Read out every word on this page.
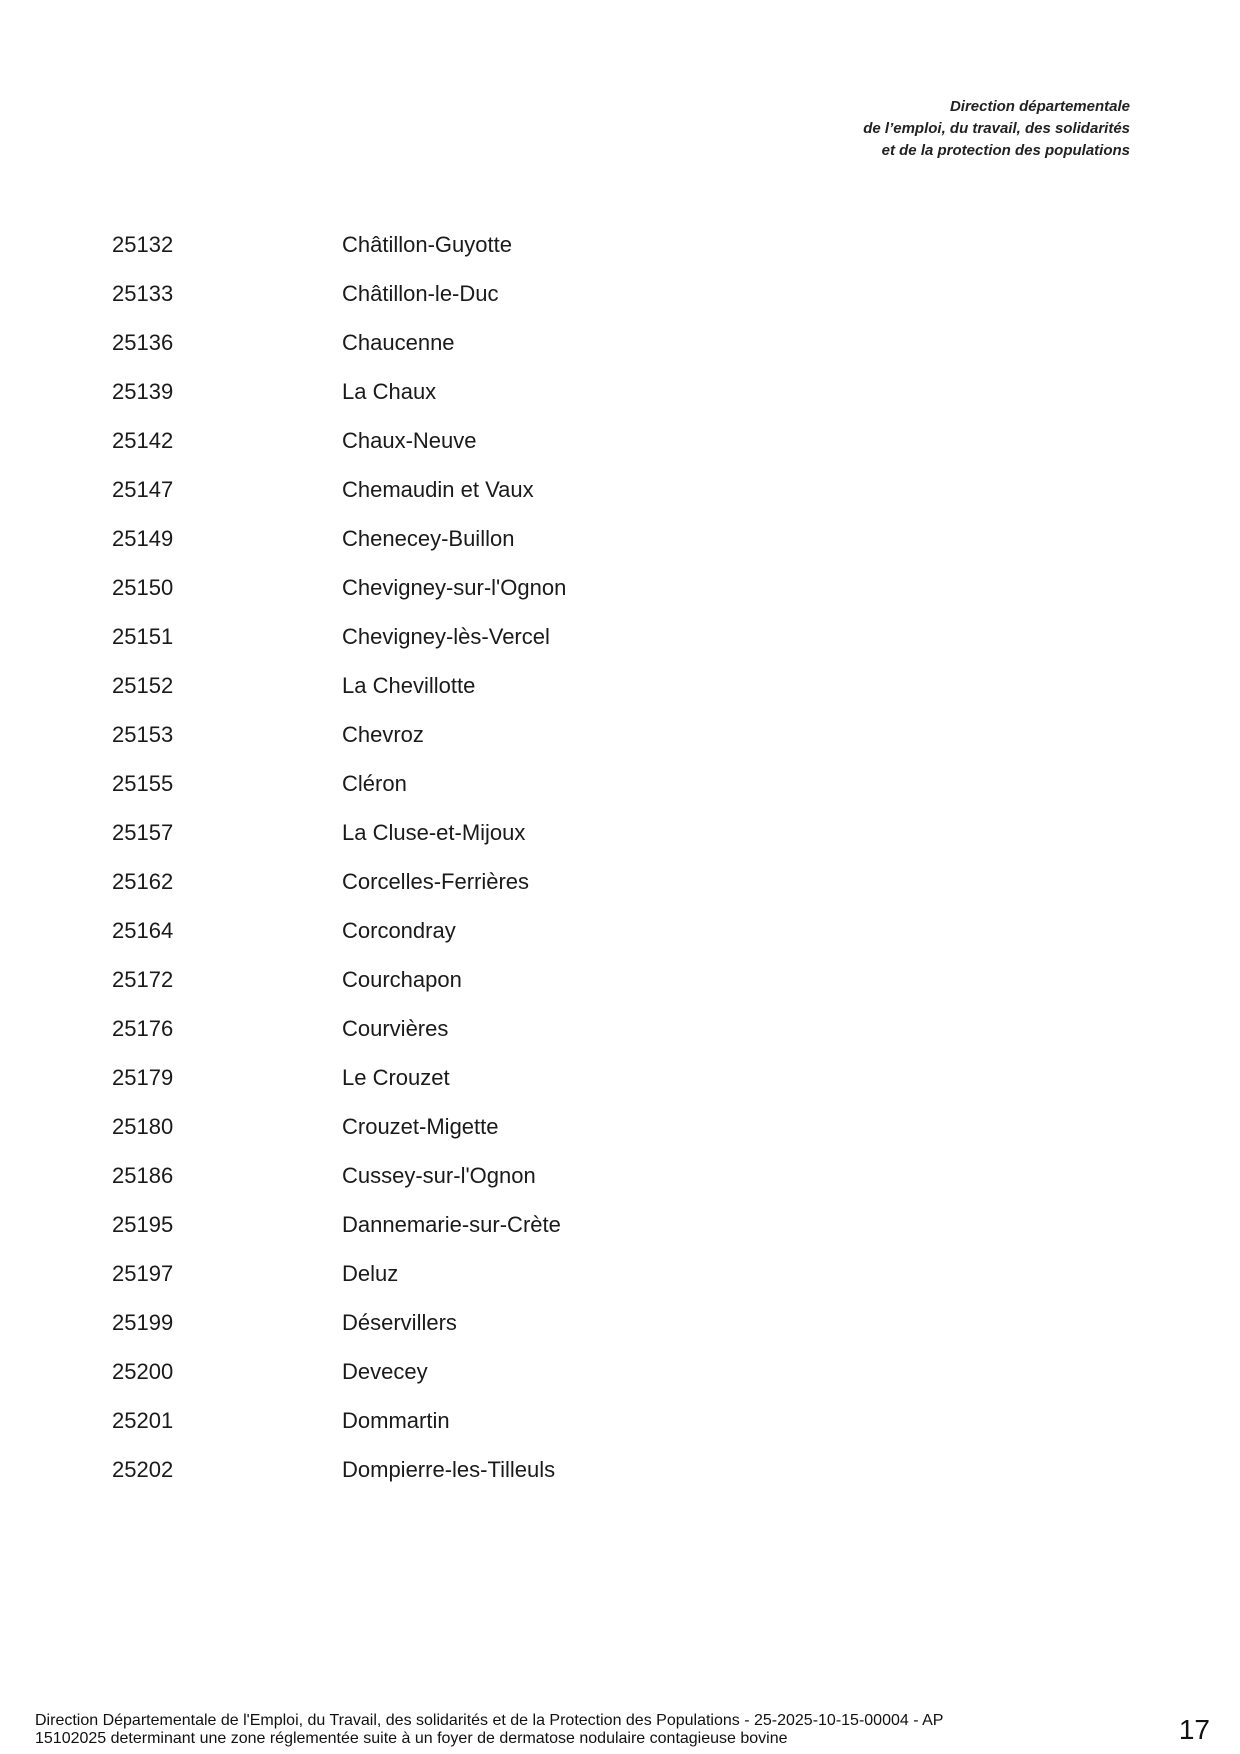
Direction départementale
de l’emploi, du travail, des solidarités
et de la protection des populations
25132	Châtillon-Guyotte
25133	Châtillon-le-Duc
25136	Chaucenne
25139	La Chaux
25142	Chaux-Neuve
25147	Chemaudin et Vaux
25149	Chenecey-Buillon
25150	Chevigney-sur-l'Ognon
25151	Chevigney-lès-Vercel
25152	La Chevillotte
25153	Chevroz
25155	Cléron
25157	La Cluse-et-Mijoux
25162	Corcelles-Ferrières
25164	Corcondray
25172	Courchapon
25176	Courvières
25179	Le Crouzet
25180	Crouzet-Migette
25186	Cussey-sur-l'Ognon
25195	Dannemarie-sur-Crète
25197	Deluz
25199	Déservillers
25200	Devecey
25201	Dommartin
25202	Dompierre-les-Tilleuls
Direction Départementale de l'Emploi, du Travail, des solidarités et de la Protection des Populations - 25-2025-10-15-00004 - AP
15102025 determinant une zone réglementée suite à un foyer de dermatose nodulaire contagieuse bovine	17
